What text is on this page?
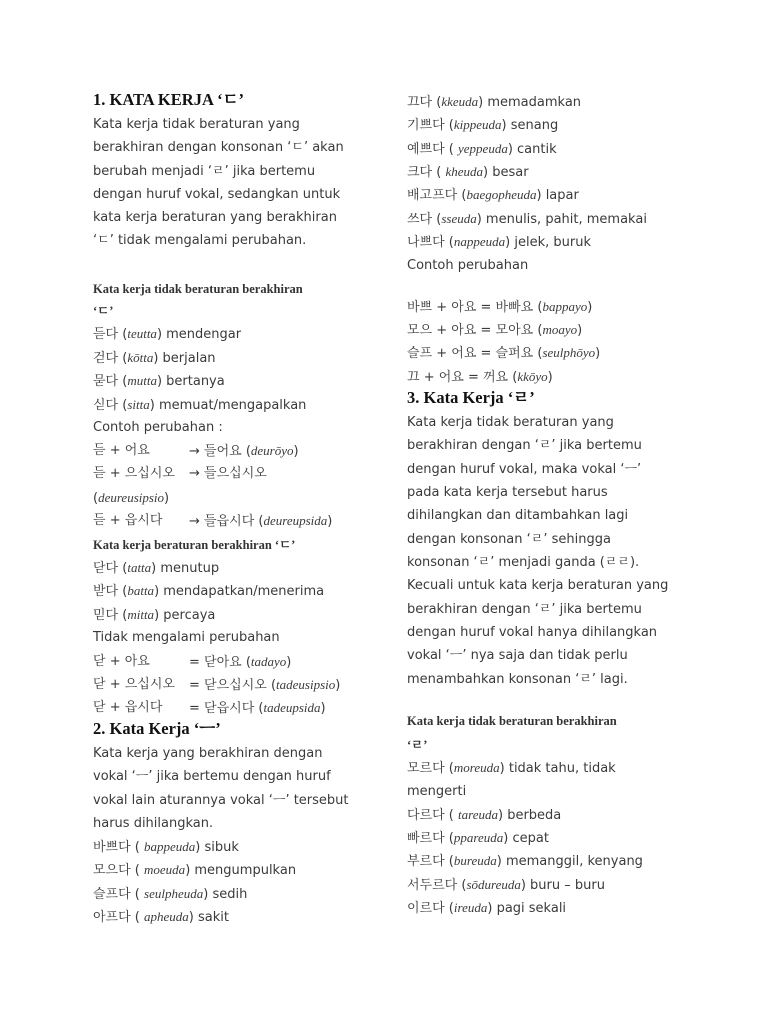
1. KATA KERJA ‘ㄷ’
Kata kerja tidak beraturan yang
berakhiran dengan konsonan ‘ㄷ’ akan
berubah menjadi ‘ㄹ’ jika bertemu
dengan huruf vokal, sedangkan untuk
kata kerja beraturan yang berakhiran
‘ㄷ’ tidak mengalami perubahan.
Kata kerja tidak beraturan berakhiran
‘ㄷ’
듣다 (teutta) mendengar
걷다 (kōtta) berjalan
묻다 (mutta) bertanya
싣다 (sitta) memuat/mengapalkan
Contoh perubahan :
듣 + 어요	→ 들어요 (deurōyo)
듣 + 으십시오 → 들으십시오
(deureusipsio)
듣 + 읍시다 → 들읍시다 (deureupsida)
Kata kerja beraturan berakhiran ‘ㄷ’
닫다 (tatta) menutup
받다 (batta) mendapatkan/menerima
믿다 (mitta) percaya
Tidak mengalami perubahan
닫 + 아요	= 닫아요 (tadayo)
닫 + 으십시오 = 닫으십시오 (tadeusipsio)
닫 + 읍시다 = 닫읍시다 (tadeupsida)
2. Kata Kerja ‘ㅡ’
Kata kerja yang berakhiran dengan
vokal ‘ㅡ’ jika bertemu dengan huruf
vokal lain aturannya vokal ‘ㅡ’ tersebut
harus dihilangkan.
바쁘다 ( bappeuda) sibuk
모으다 ( moeuda) mengumpulkan
슬프다 ( seulpheuda) sedih
아프다 ( apheuda) sakit
끄다 (kkeuda) memadamkan
기쁘다 (kippeuda) senang
예쁘다 ( yeppeuda) cantik
크다 ( kheuda) besar
배고프다 (baegopheuda) lapar
쓰다 (sseuda) menulis, pahit, memakai
나쁘다 (nappeuda) jelek, buruk
Contoh perubahan
바쁘 + 아요 = 바빠요 (bappayo)
모으 + 아요 = 모아요 (moayo)
슬프 + 어요 = 슬퍼요 (seulphōyo)
끄 + 어요 = 꺼요 (kkōyo)
3. Kata Kerja ‘ㄹ’
Kata kerja tidak beraturan yang
berakhiran dengan ‘ㄹ’ jika bertemu
dengan huruf vokal, maka vokal ‘ㅡ’
pada kata kerja tersebut harus
dihilangkan dan ditambahkan lagi
dengan konsonan ‘ㄹ’ sehingga
konsonan ‘ㄹ’ menjadi ganda (ㄹㄹ).
Kecuali untuk kata kerja beraturan yang
berakhiran dengan ‘ㄹ’ jika bertemu
dengan huruf vokal hanya dihilangkan
vokal ‘ㅡ’ nya saja dan tidak perlu
menambahkan konsonan ‘ㄹ’ lagi.
Kata kerja tidak beraturan berakhiran
‘ㄹ’
모르다 (moreuda) tidak tahu, tidak
mengerti
다르다 ( tareuda) berbeda
빠르다 (ppareuda) cepat
부르다 (bureuda) memanggil, kenyang
서두르다 (sōdureuda) buru – buru
이르다 (ireuda) pagi sekali
